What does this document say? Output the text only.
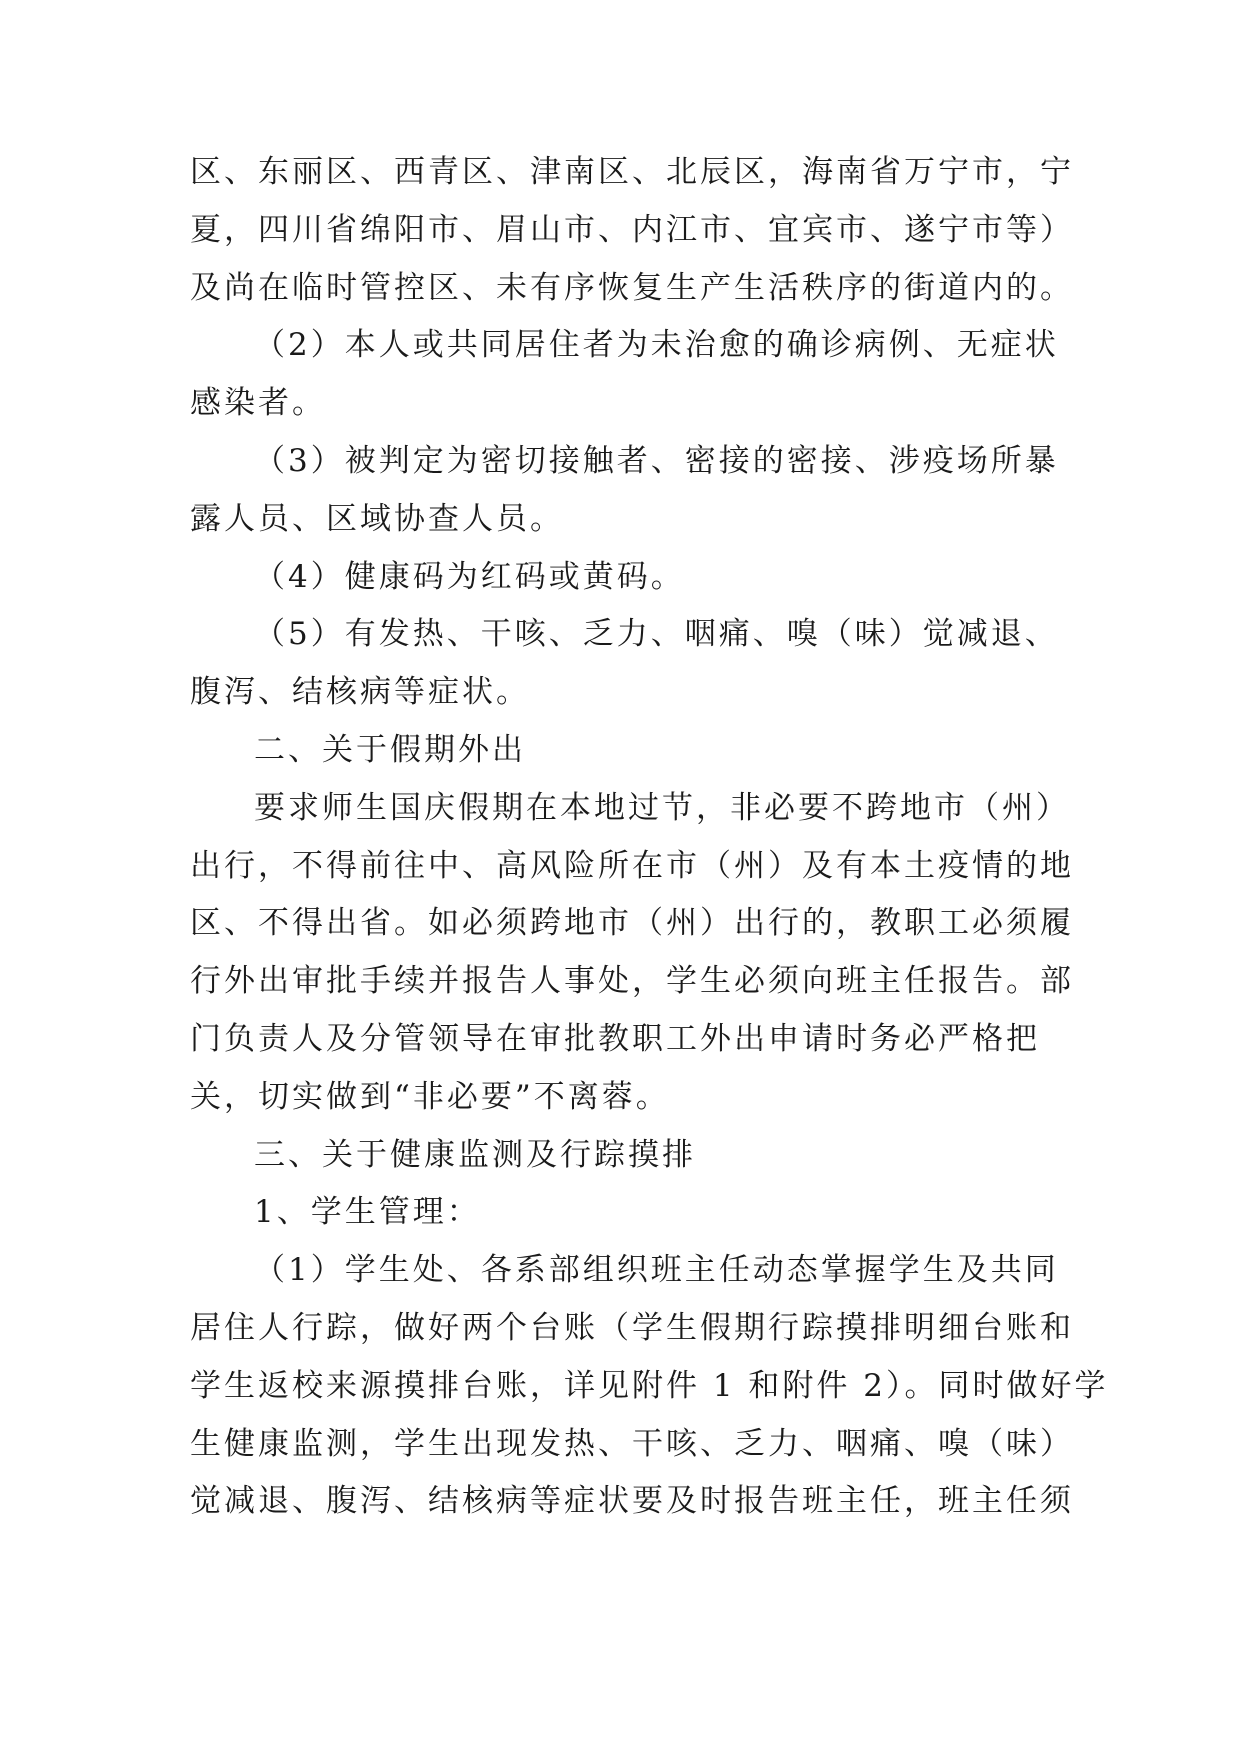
区、东丽区、西青区、津南区、北辰区，海南省万宁市，宁
夏，四川省绵阳市、眉山市、内江市、宜宾市、遂宁市等）
及尚在临时管控区、未有序恢复生产生活秩序的街道内的。
（2）本人或共同居住者为未治愈的确诊病例、无症状
感染者。
（3）被判定为密切接触者、密接的密接、涉疫场所暴
露人员、区域协查人员。
（4）健康码为红码或黄码。
（5）有发热、干咳、乏力、咽痛、嗅（味）觉减退、
腹泻、结核病等症状。
二、关于假期外出
要求师生国庆假期在本地过节，非必要不跨地市（州）
出行，不得前往中、高风险所在市（州）及有本土疫情的地
区、不得出省。如必须跨地市（州）出行的，教职工必须履
行外出审批手续并报告人事处，学生必须向班主任报告。部
门负责人及分管领导在审批教职工外出申请时务必严格把
关，切实做到“非必要”不离蓉。
三、关于健康监测及行踪摸排
1、学生管理：
（1）学生处、各系部组织班主任动态掌握学生及共同
居住人行踪，做好两个台账（学生假期行踪摸排明细台账和
学生返校来源摸排台账，详见附件 1 和附件 2）。同时做好学
生健康监测，学生出现发热、干咳、乏力、咽痛、嗅（味）
觉减退、腹泻、结核病等症状要及时报告班主任，班主任须
